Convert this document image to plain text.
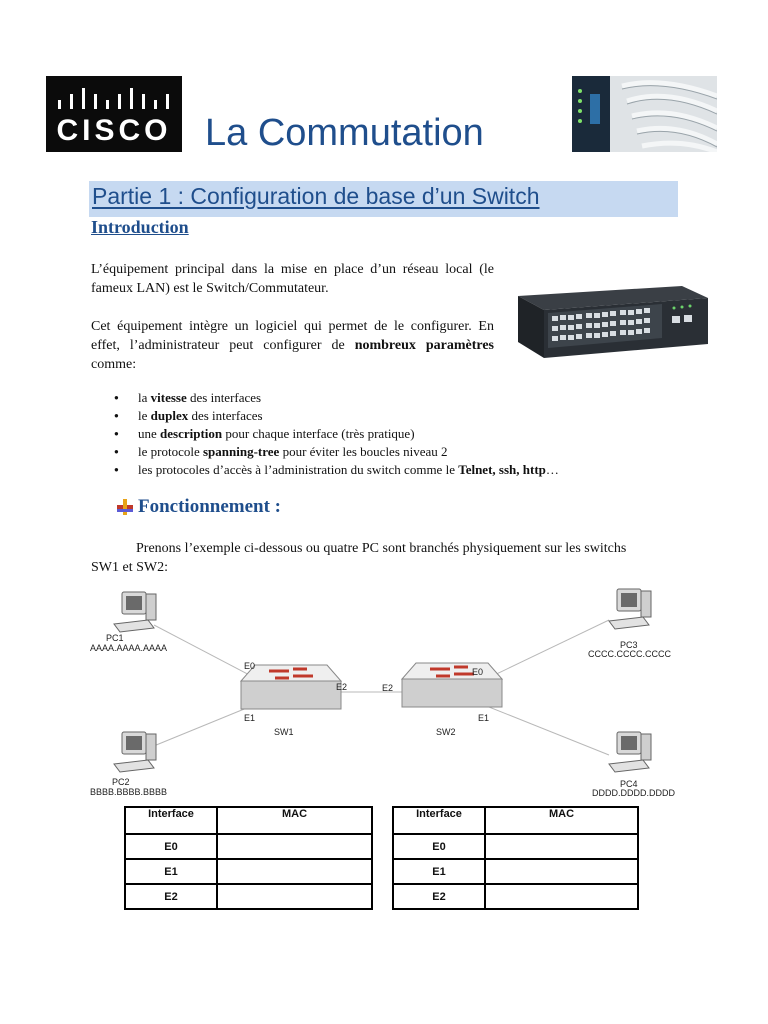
CISCO La Commutation
Partie 1 : Configuration de base d’un Switch
Introduction
L’équipement principal dans la mise en place d’un réseau local (le fameux LAN) est le Switch/Commutateur.
Cet équipement intègre un logiciel qui permet de le configurer. En effet, l’administrateur peut configurer de nombreux paramètres comme:
● la vitesse des interfaces
● le duplex des interfaces
● une description pour chaque interface (très pratique)
● le protocole spanning-tree pour éviter les boucles niveau 2
● les protocoles d’accès à l’administration du switch comme le Telnet, ssh, http…
Fonctionnement :
Prenons l’exemple ci-dessous ou quatre PC sont branchés physiquement sur les switchs SW1 et SW2:
PC1
AAAA.AAAA.AAAA
PC2
BBBB.BBBB.BBBB
PC3
CCCC.CCCC.CCCC
PC4
DDDD.DDDD.DDDD
E0
E2
E1
SW1
E0
E2
E1
SW2
Interface	MAC
E0	
E1	
E2	
Interface	MAC
E0	
E1	
E2	
